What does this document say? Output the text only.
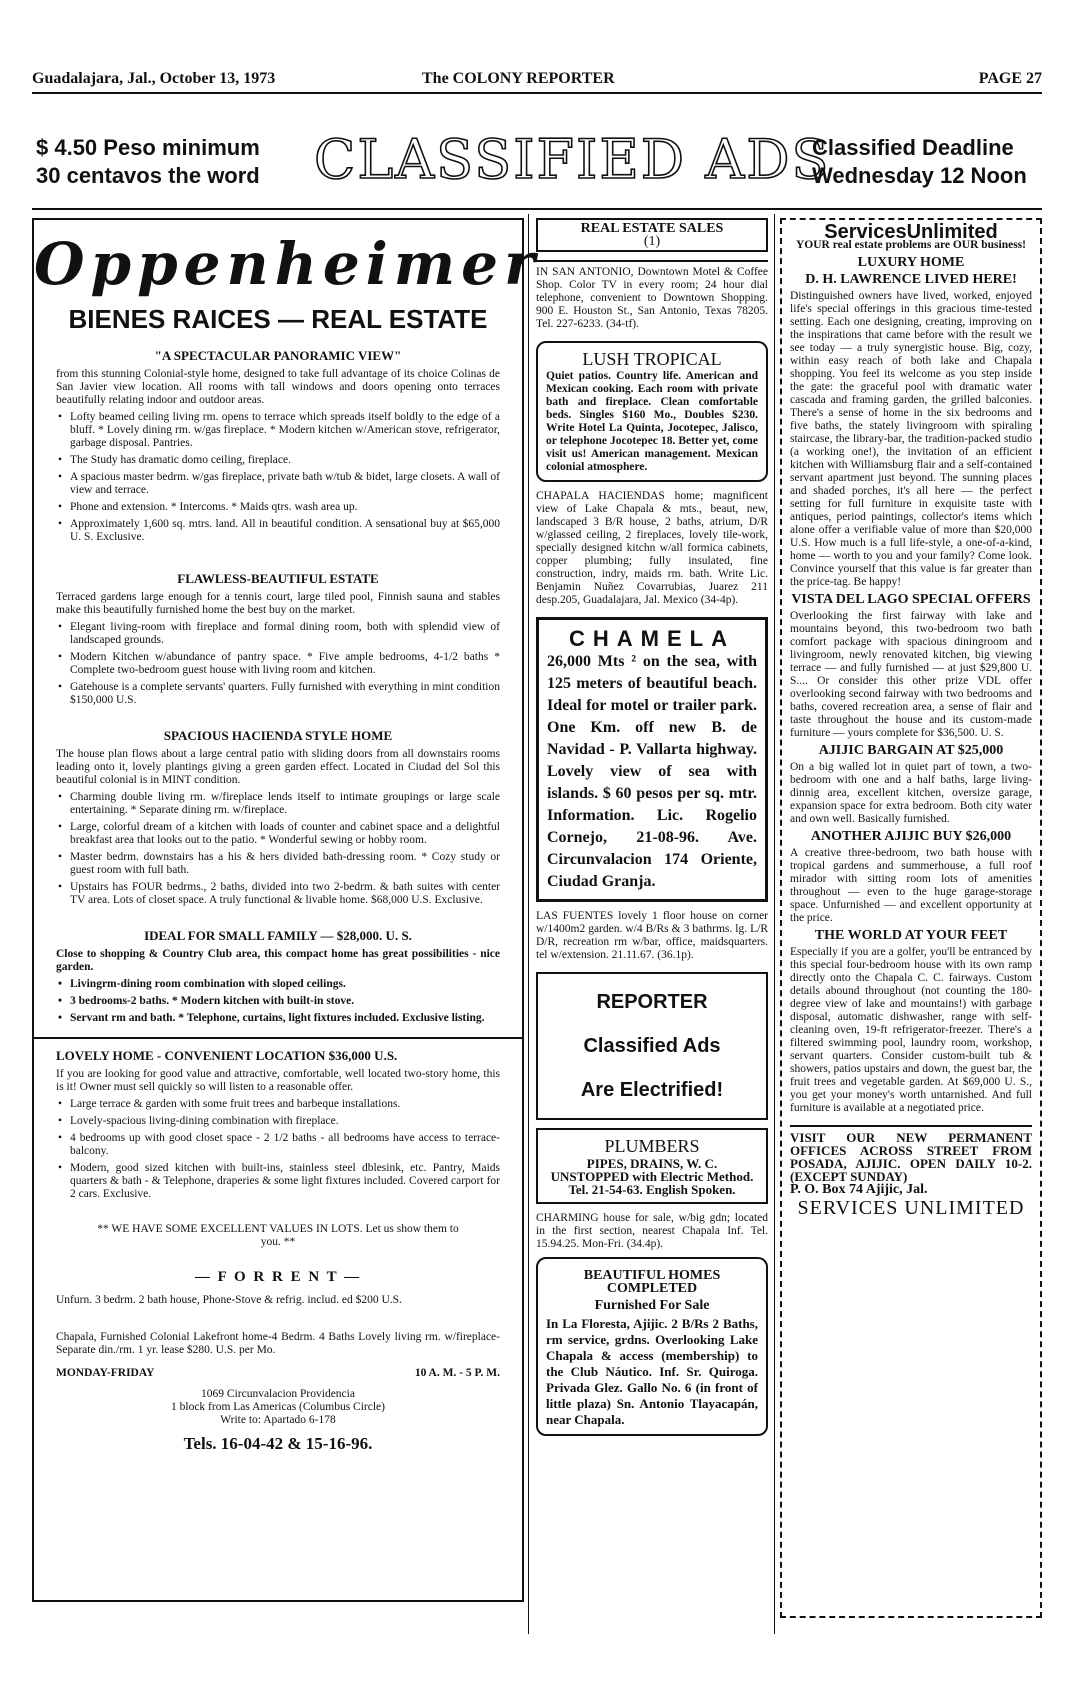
Guadalajara, Jal., October 13, 1973	The COLONY REPORTER	PAGE 27
$ 4.50 Peso minimum
30 centavos the word CLASSIFIED ADS
Classified Deadline
Wednesday 12 Noon
Oppenheimer
BIENES RAICES — REAL ESTATE
"A SPECTACULAR PANORAMIC VIEW"
from this stunning Colonial-style home, designed to take full advantage of its choice Colinas de San Javier view location. All rooms with tall windows and doors opening onto terraces beautifully relating indoor and outdoor areas.
• Lofty beamed ceiling living rm. opens to terrace which spreads itself boldly to the edge of a bluff. * Lovely dining rm. w/gas fireplace. * Modern kitchen w/American stove, refrigerator, garbage disposal. Pantries.
• The Study has dramatic domo ceiling, fireplace.
• A spacious master bedrm. w/gas fireplace, private bath w/tub & bidet, large closets. A wall of view and terrace.
• Phone and extension. * Intercoms. * Maids qtrs. wash area up.
• Approximately 1,600 sq. mtrs. land. All in beautiful condition. A sensational buy at $65,000 U. S. Exclusive.
FLAWLESS-BEAUTIFUL ESTATE
Terraced gardens large enough for a tennis court, large tiled pool, Finnish sauna and stables make this beautifully furnished home the best buy on the market.
• Elegant living-room with fireplace and formal dining room, both with splendid view of landscaped grounds.
• Modern Kitchen w/abundance of pantry space. * Five ample bedrooms, 4-1/2 baths * Complete two-bedroom guest house with living room and kitchen.
• Gatehouse is a complete servants' quarters. Fully furnished with everything in mint condition $150,000 U.S.
SPACIOUS HACIENDA STYLE HOME
The house plan flows about a large central patio with sliding doors from all downstairs rooms leading onto it, lovely plantings giving a green garden effect. Located in Ciudad del Sol this beautiful colonial is in MINT condition.
• Charming double living rm. w/fireplace lends itself to intimate groupings or large scale entertaining. * Separate dining rm. w/fireplace.
• Large, colorful dream of a kitchen with loads of counter and cabinet space and a delightful breakfast area that looks out to the patio. * Wonderful sewing or hobby room.
• Master bedrm. downstairs has a his & hers divided bath-dressing room. * Cozy study or guest room with full bath.
• Upstairs has FOUR bedrms., 2 baths, divided into two 2-bedrm. & bath suites with center TV area. Lots of closet space. A truly functional & livable home. $68,000 U.S. Exclusive.
IDEAL FOR SMALL FAMILY — $28,000. U. S.
Close to shopping & Country Club area, this compact home has great possibilities - nice garden.
• Livingrm-dining room combination with sloped ceilings.
• 3 bedrooms-2 baths. * Modern kitchen with built-in stove.
• Servant rm and bath. * Telephone, curtains, light fixtures included. Exclusive listing.
LOVELY HOME - CONVENIENT LOCATION $36,000 U.S.
If you are looking for good value and attractive, comfortable, well located two-story home, this is it! Owner must sell quickly so will listen to a reasonable offer.
• Large terrace & garden with some fruit trees and barbeque installations.
• Lovely-spacious living-dining combination with fireplace.
• 4 bedrooms up with good closet space - 2 1/2 baths - all bedrooms have access to terrace-balcony.
• Modern, good sized kitchen with built-ins, stainless steel dblesink, etc. Pantry, Maids quarters & bath - & Telephone, draperies & some light fixtures included. Covered carport for 2 cars. Exclusive.
** WE HAVE SOME EXCELLENT VALUES IN LOTS. Let us show them to you. **
— F O R R E N T —
Unfurn. 3 bedrm. 2 bath house, Phone-Stove & refrig. includ. ed $200 U.S.
Chapala, Furnished Colonial Lakefront home-4 Bedrm. 4 Baths Lovely living rm. w/fireplace-Separate din./rm. 1 yr. lease $280. U.S. per Mo.
MONDAY-FRIDAY	10 A. M. - 5 P. M.
1069 Circunvalacion Providencia
1 block from Las Americas (Columbus Circle)
Write to: Apartado 6-178
Tels. 16-04-42 & 15-16-96.
REAL ESTATE SALES
(1)
IN SAN ANTONIO, Downtown Motel & Coffee Shop. Color TV in every room; 24 hour dial telephone, convenient to Downtown Shopping. 900 E. Houston St., San Antonio, Texas 78205. Tel. 227-6233. (34-tf).
LUSH TROPICAL
Quiet patios. Country life. American and Mexican cooking. Each room with private bath and fireplace. Clean comfortable beds. Singles $160 Mo., Doubles $230. Write Hotel La Quinta, Jocotepec, Jalisco, or telephone Jocotepec 18. Better yet, come visit us! American management. Mexican colonial atmosphere.
CHAPALA HACIENDAS home; magnificent view of Lake Chapala & mts., beaut, new, landscaped 3 B/R house, 2 baths, atrium, D/R w/glassed ceiling, 2 fireplaces, lovely tile-work, specially designed kitchn w/all formica cabinets, copper plumbing; fully insulated, fine construction, indry, maids rm. bath. Write Lic. Benjamin Nuñez Covarrubias, Juarez 211 desp.205, Guadalajara, Jal. Mexico (34-4p).
CHAMELA
26,000 Mts ² on the sea, with 125 meters of beautiful beach. Ideal for motel or trailer park. One Km. off new B. de Navidad - P. Vallarta highway. Lovely view of sea with islands. $ 60 pesos per sq. mtr. Information. Lic. Rogelio Cornejo, 21-08-96. Ave. Circunvalacion 174 Oriente, Ciudad Granja.
LAS FUENTES lovely 1 floor house on corner w/1400m2 garden. w/4 B/Rs & 3 bathrms. lg. L/R D/R, recreation rm w/bar, office, maidsquarters. tel w/extension. 21.11.67. (36.1p).
REPORTER
Classified Ads
Are Electrified!
PLUMBERS
PIPES, DRAINS, W. C. UNSTOPPED with Electric Method. Tel. 21-54-63. English Spoken.
CHARMING house for sale, w/big gdn; located in the first section, nearest Chapala Inf. Tel. 15.94.25. Mon-Fri. (34.4p).
BEAUTIFUL HOMES COMPLETED
Furnished For Sale
In La Floresta, Ajijic. 2 B/Rs 2 Baths, rm service, grdns. Overlooking Lake Chapala & access (membership) to the Club Náutico. Inf. Sr. Quiroga. Privada Glez. Gallo No. 6 (in front of little plaza) Sn. Antonio Tlayacapán, near Chapala.
ServicesUnlimited
YOUR real estate problems are OUR business!
LUXURY HOME
D. H. LAWRENCE LIVED HERE!
Distinguished owners have lived, worked, enjoyed life's special offerings in this gracious time-tested setting. Each one designing, creating, improving on the inspirations that came before with the result we see today — a truly synergistic house. Big, cozy, within easy reach of both lake and Chapala shopping. You feel its welcome as you step inside the gate: the graceful pool with dramatic water cascada and framing garden, the grilled balconies. There's a sense of home in the six bedrooms and five baths, the stately livingroom with spiraling staircase, the library-bar, the tradition-packed studio (a working one!), the invitation of an efficient kitchen with Williamsburg flair and a self-contained servant apartment just beyond. The sunning places and shaded porches, it's all here — the perfect setting for full furniture in exquisite taste with antiques, period paintings, collector's items which alone offer a verifiable value of more than $20,000 U.S. How much is a full life-style, a one-of-a-kind, home — worth to you and your family? Come look. Convince yourself that this value is far greater than the price-tag. Be happy!
VISTA DEL LAGO SPECIAL OFFERS
Overlooking the first fairway with lake and mountains beyond, this two-bedroom two bath comfort package with spacious diningroom and livingroom, newly renovated kitchen, big viewing terrace — and fully furnished — at just $29,800 U. S.... Or consider this other prize VDL offer overlooking second fairway with two bedrooms and baths, covered recreation area, a sense of flair and taste throughout the house and its custom-made furniture — yours complete for $36,500. U. S.
AJIJIC BARGAIN AT $25,000
On a big walled lot in quiet part of town, a two-bedroom with one and a half baths, large living-dinnig area, excellent kitchen, oversize garage, expansion space for extra bedroom. Both city water and own well. Basically furnished.
ANOTHER AJIJIC BUY $26,000
A creative three-bedroom, two bath house with tropical gardens and summerhouse, a full roof mirador with sitting room lots of amenities throughout — even to the huge garage-storage space. Unfurnished — and excellent opportunity at the price.
THE WORLD AT YOUR FEET
Especially if you are a golfer, you'll be entranced by this special four-bedroom house with its own ramp directly onto the Chapala C. C. fairways. Custom details abound throughout (not counting the 180-degree view of lake and mountains!) with garbage disposal, automatic dishwasher, range with self-cleaning oven, 19-ft refrigerator-freezer. There's a filtered swimming pool, laundry room, workshop, servant quarters. Consider custom-built tub & showers, patios upstairs and down, the guest bar, the fruit trees and vegetable garden. At $69,000 U. S., you get your money's worth untarnished. And full furniture is available at a negotiated price.
VISIT OUR NEW PERMANENT OFFICES ACROSS STREET FROM POSADA, AJIJIC. OPEN DAILY 10-2. (EXCEPT SUNDAY)
P. O. Box 74 Ajijic, Jal.
SERVICES UNLIMITED
